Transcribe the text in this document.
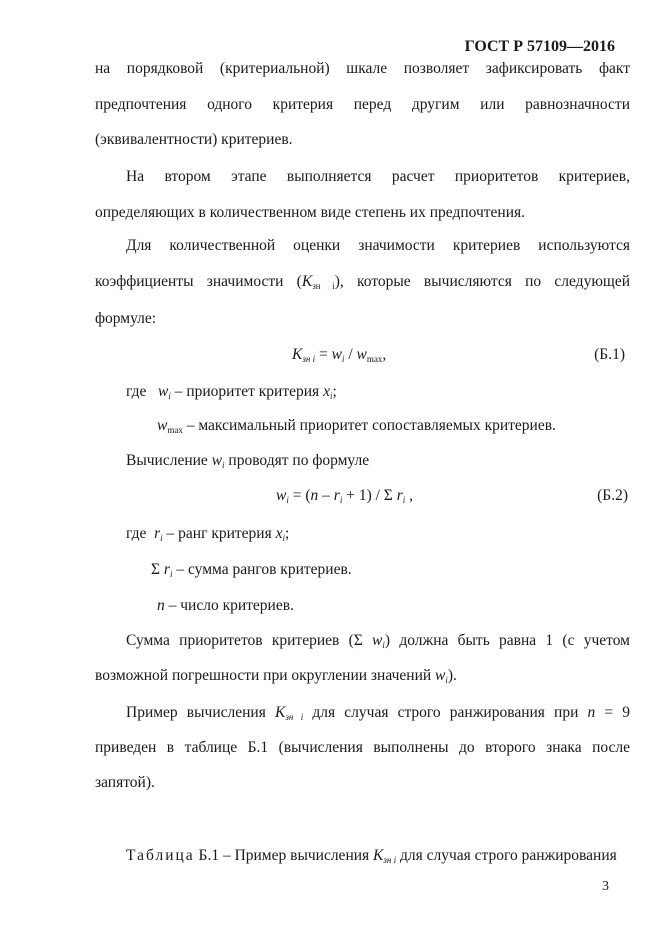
ГОСТ Р 57109—2016
на порядковой (критериальной) шкале позволяет зафиксировать факт
предпочтения одного критерия перед другим или равнозначности
(эквивалентности) критериев.
На втором этапе выполняется расчет приоритетов критериев,
определяющих в количественном виде степень их предпочтения.
Для количественной оценки значимости критериев используются
коэффициенты значимости $(K_{зн i})$, которые вычисляются по следующей
формуле:
$K_{зн i} = w_i / w_{max}$,	(Б.1)
где $w_i$ – приоритет критерия $x_i$;
$w_{max}$ – максимальный приоритет сопоставляемых критериев.
Вычисление $w_i$ проводят по формуле
$w_i = (n - r_i + 1) / \Sigma$ $r_i$ ,	(Б.2)
где $r_i$ – ранг критерия $x_i$;
Σ $r_i$ – сумма рангов критериев.
n – число критериев.
Сумма приоритетов критериев (Σ $w_i$) должна быть равна 1 (с учетом
возможной погрешности при округлении значений $w_i$).
Пример вычисления $K_{зн i}$ для случая строго ранжирования при n = 9
приведен в таблице Б.1 (вычисления выполнены до второго знака после
запятой).
Таблица Б.1 – Пример вычисления $K_{зн i}$ для случая строго ранжирования
3
